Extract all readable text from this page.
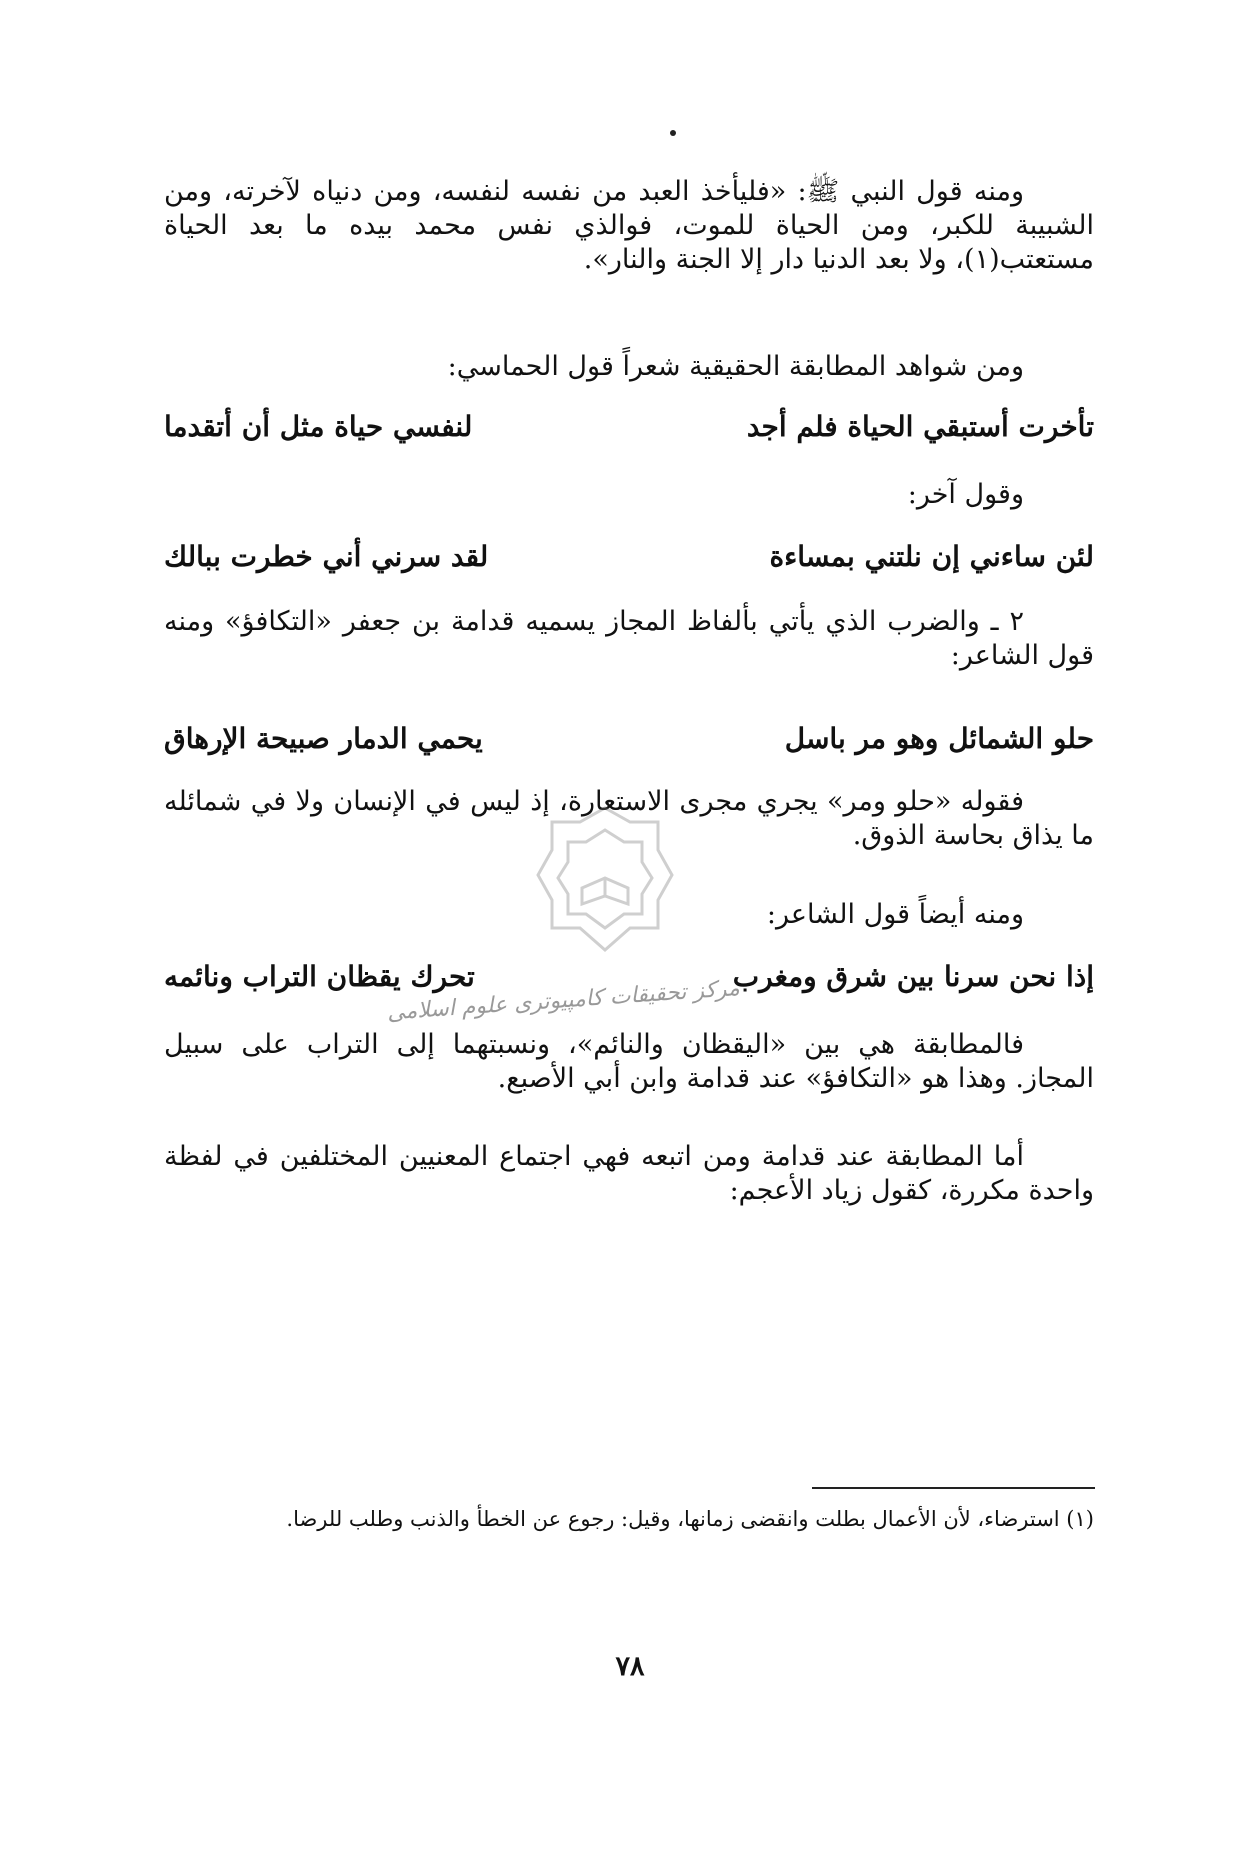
ومنه قول النبي ﷺ: «فليأخذ العبد من نفسه لنفسه، ومن دنياه لآخرته، ومن الشبيبة للكبر، ومن الحياة للموت، فوالذي نفس محمد بيده ما بعد الحياة مستعتب(١)، ولا بعد الدنيا دار إلا الجنة والنار».
ومن شواهد المطابقة الحقيقية شعراً قول الحماسي:
تأخرت أستبقي الحياة فلم أجد
لنفسي حياة مثل أن أتقدما
وقول آخر:
لئن ساءني إن نلتني بمساءة
لقد سرني أني خطرت ببالك
٢ ـ والضرب الذي يأتي بألفاظ المجاز يسميه قدامة بن جعفر «التكافؤ» ومنه قول الشاعر:
حلو الشمائل وهو مر باسل
يحمي الدمار صبيحة الإرهاق
فقوله «حلو ومر» يجري مجرى الاستعارة، إذ ليس في الإنسان ولا في شمائله ما يذاق بحاسة الذوق.
ومنه أيضاً قول الشاعر:
إذا نحن سرنا بين شرق ومغرب
تحرك يقظان التراب ونائمه
فالمطابقة هي بين «اليقظان والنائم»، ونسبتهما إلى التراب على سبيل المجاز. وهذا هو «التكافؤ» عند قدامة وابن أبي الأصبع.
أما المطابقة عند قدامة ومن اتبعه فهي اجتماع المعنيين المختلفين في لفظة واحدة مكررة، كقول زياد الأعجم:
مرکز تحقیقات کامپیوتری علوم اسلامی
(١) استرضاء، لأن الأعمال بطلت وانقضى زمانها، وقيل: رجوع عن الخطأ والذنب وطلب للرضا.
٧٨
